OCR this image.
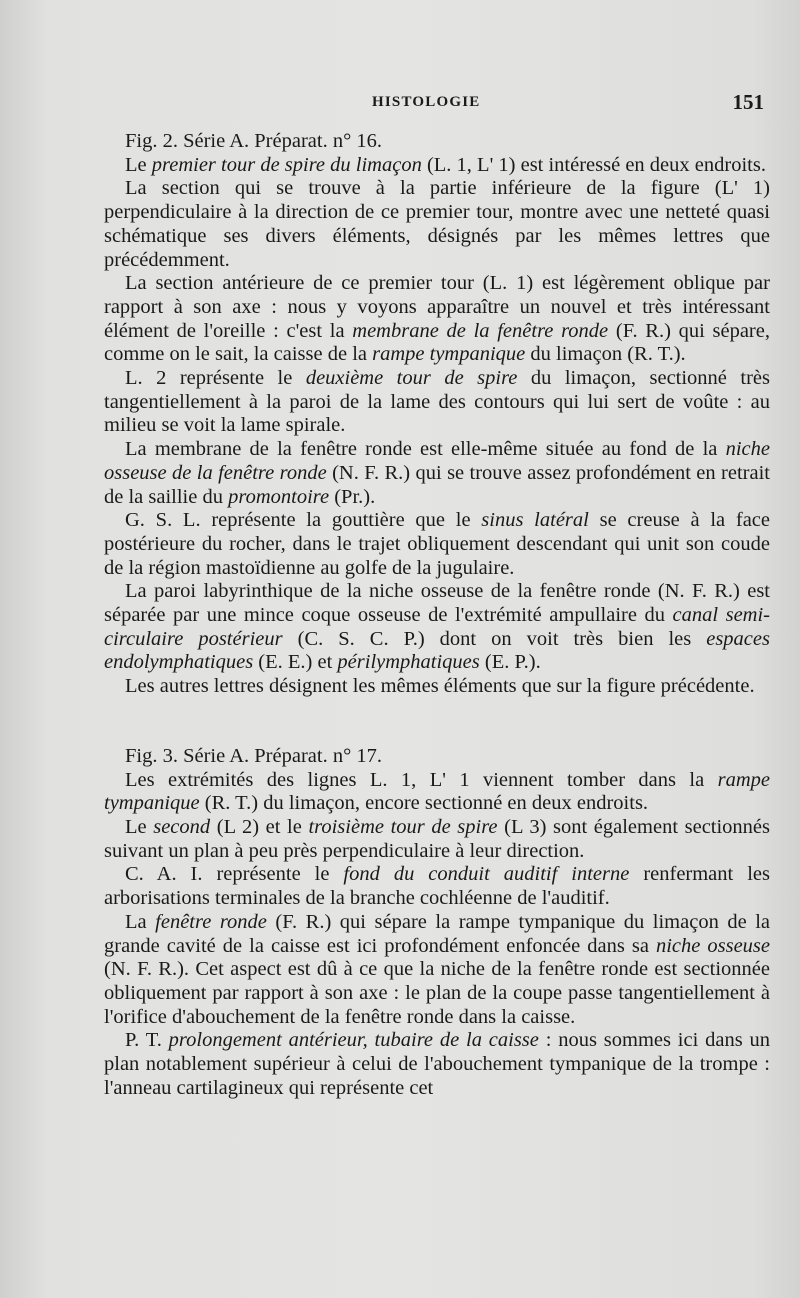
HISTOLOGIE	151

Fig. 2. Série A. Préparat. n° 16.

Le premier tour de spire du limaçon (L. 1, L' 1) est intéressé en deux endroits.

La section qui se trouve à la partie inférieure de la figure (L' 1) perpendiculaire à la direction de ce premier tour, montre avec une netteté quasi schématique ses divers éléments, désignés par les mêmes lettres que précédemment.

La section antérieure de ce premier tour (L. 1) est légèrement oblique par rapport à son axe : nous y voyons apparaître un nouvel et très intéressant élément de l'oreille : c'est la membrane de la fenêtre ronde (F. R.) qui sépare, comme on le sait, la caisse de la rampe tympanique du limaçon (R. T.).

L. 2 représente le deuxième tour de spire du limaçon, sectionné très tangentiellement à la paroi de la lame des contours qui lui sert de voûte : au milieu se voit la lame spirale.

La membrane de la fenêtre ronde est elle-même située au fond de la niche osseuse de la fenêtre ronde (N. F. R.) qui se trouve assez profondément en retrait de la saillie du promontoire (Pr.).

G. S. L. représente la gouttière que le sinus latéral se creuse à la face postérieure du rocher, dans le trajet obliquement descendant qui unit son coude de la région mastoïdienne au golfe de la jugulaire.

La paroi labyrinthique de la niche osseuse de la fenêtre ronde (N. F. R.) est séparée par une mince coque osseuse de l'extrémité ampullaire du canal semi-circulaire postérieur (C. S. C. P.) dont on voit très bien les espaces endolymphatiques (E. E.) et périlymphatiques (E. P.).

Les autres lettres désignent les mêmes éléments que sur la figure précédente.

Fig. 3. Série A. Préparat. n° 17.

Les extrémités des lignes L. 1, L' 1 viennent tomber dans la rampe tympanique (R. T.) du limaçon, encore sectionné en deux endroits.

Le second (L 2) et le troisième tour de spire (L 3) sont également sectionnés suivant un plan à peu près perpendiculaire à leur direction.

C. A. I. représente le fond du conduit auditif interne renfermant les arborisations terminales de la branche cochléenne de l'auditif.

La fenêtre ronde (F. R.) qui sépare la rampe tympanique du limaçon de la grande cavité de la caisse est ici profondément enfoncée dans sa niche osseuse (N. F. R.). Cet aspect est dû à ce que la niche de la fenêtre ronde est sectionnée obliquement par rapport à son axe : le plan de la coupe passe tangentiellement à l'orifice d'abouchement de la fenêtre ronde dans la caisse.

P. T. prolongement antérieur, tubaire de la caisse : nous sommes ici dans un plan notablement supérieur à celui de l'abouchement tympanique de la trompe : l'anneau cartilagineux qui représente cet
